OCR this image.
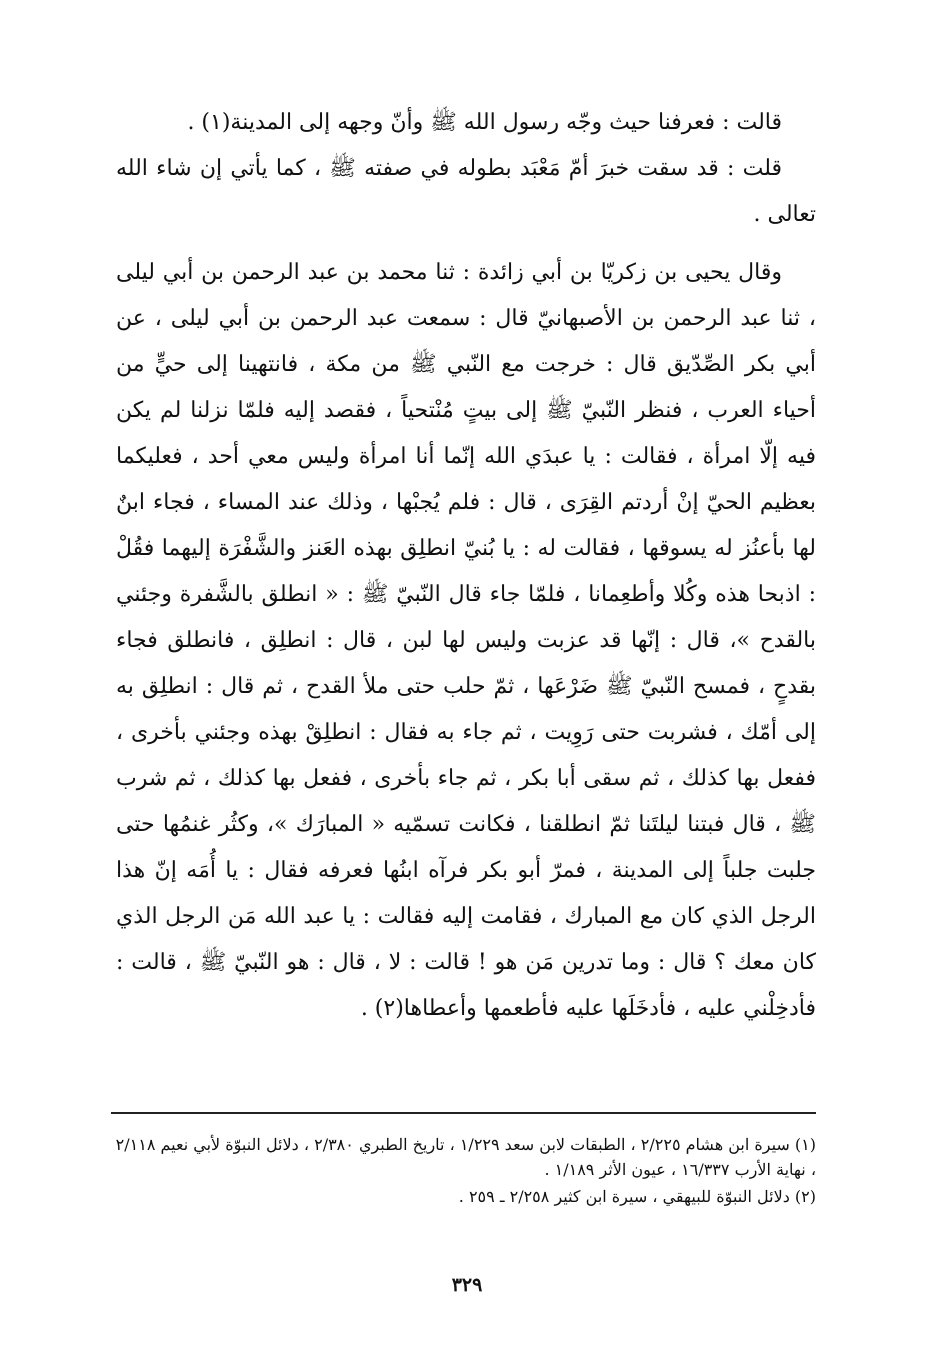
قالت : فعرفنا حيث وجّه رسول الله ﷺ وأنّ وجهه إلى المدينة(١) .

قلت : قد سقت خبرَ أمّ مَعْبَد بطوله في صفته ﷺ ، كما يأتي إن شاء الله تعالى .

وقال يحيى بن زكريّا بن أبي زائدة : ثنا محمد بن عبد الرحمن بن أبي ليلى ، ثنا عبد الرحمن بن الأصبهانيّ قال : سمعت عبد الرحمن بن أبي ليلى ، عن أبي بكر الصِّدّيق قال : خرجت مع النّبي ﷺ من مكة ، فانتهينا إلى حيٍّ من أحياء العرب ، فنظر النّبيّ ﷺ إلى بيتٍ مُنْتحياً ، فقصد إليه فلمّا نزلنا لم يكن فيه إلّا امرأة ، فقالت : يا عبدَي الله إنّما أنا امرأة وليس معي أحد ، فعليكما بعظيم الحيّ إنْ أردتم القِرَى ، قال : فلم يُجبْها ، وذلك عند المساء ، فجاء ابنٌ لها بأعنُز له يسوقها ، فقالت له : يا بُنيّ انطلِق بهذه العَنز والشَّفْرَة إليهما فقُلْ : اذبحا هذه وكُلا وأطعِمانا ، فلمّا جاء قال النّبيّ ﷺ : « انطلق بالشَّفرة وجئني بالقدح »، قال : إنّها قد عزبت وليس لها لبن ، قال : انطلِق ، فانطلق فجاء بقدحٍ ، فمسح النّبيّ ﷺ ضَرْعَها ، ثمّ حلب حتى ملأ القدح ، ثم قال : انطلِق به إلى أمّك ، فشربت حتى رَوِيت ، ثم جاء به فقال : انطلِقْ بهذه وجئني بأخرى ، ففعل بها كذلك ، ثم سقى أبا بكر ، ثم جاء بأخرى ، ففعل بها كذلك ، ثم شرب ﷺ ، قال فبتنا ليلتَنا ثمّ انطلقنا ، فكانت تسمّيه « المبارَك »، وكثُر غنمُها حتى جلبت جلباً إلى المدينة ، فمرّ أبو بكر فرآه ابنُها فعرفه فقال : يا أُمَه إنّ هذا الرجل الذي كان مع المبارك ، فقامت إليه فقالت : يا عبد الله مَن الرجل الذي كان معك ؟ قال : وما تدرين مَن هو ! قالت : لا ، قال : هو النّبيّ ﷺ ، قالت : فأدخِلْني عليه ، فأدخَلَها عليه فأطعمها وأعطاها(٢) .

(١) سيرة ابن هشام ٢/٢٢٥ ، الطبقات لابن سعد ١/٢٢٩ ، تاريخ الطبري ٢/٣٨٠ ، دلائل النبوّة لأبي نعيم ٢/١١٨ ، نهاية الأرب ١٦/٣٣٧ ، عيون الأثر ١/١٨٩ .

(٢) دلائل النبوّة للبيهقي ، سيرة ابن كثير ٢/٢٥٨ ـ ٢٥٩ .

٣٢٩
